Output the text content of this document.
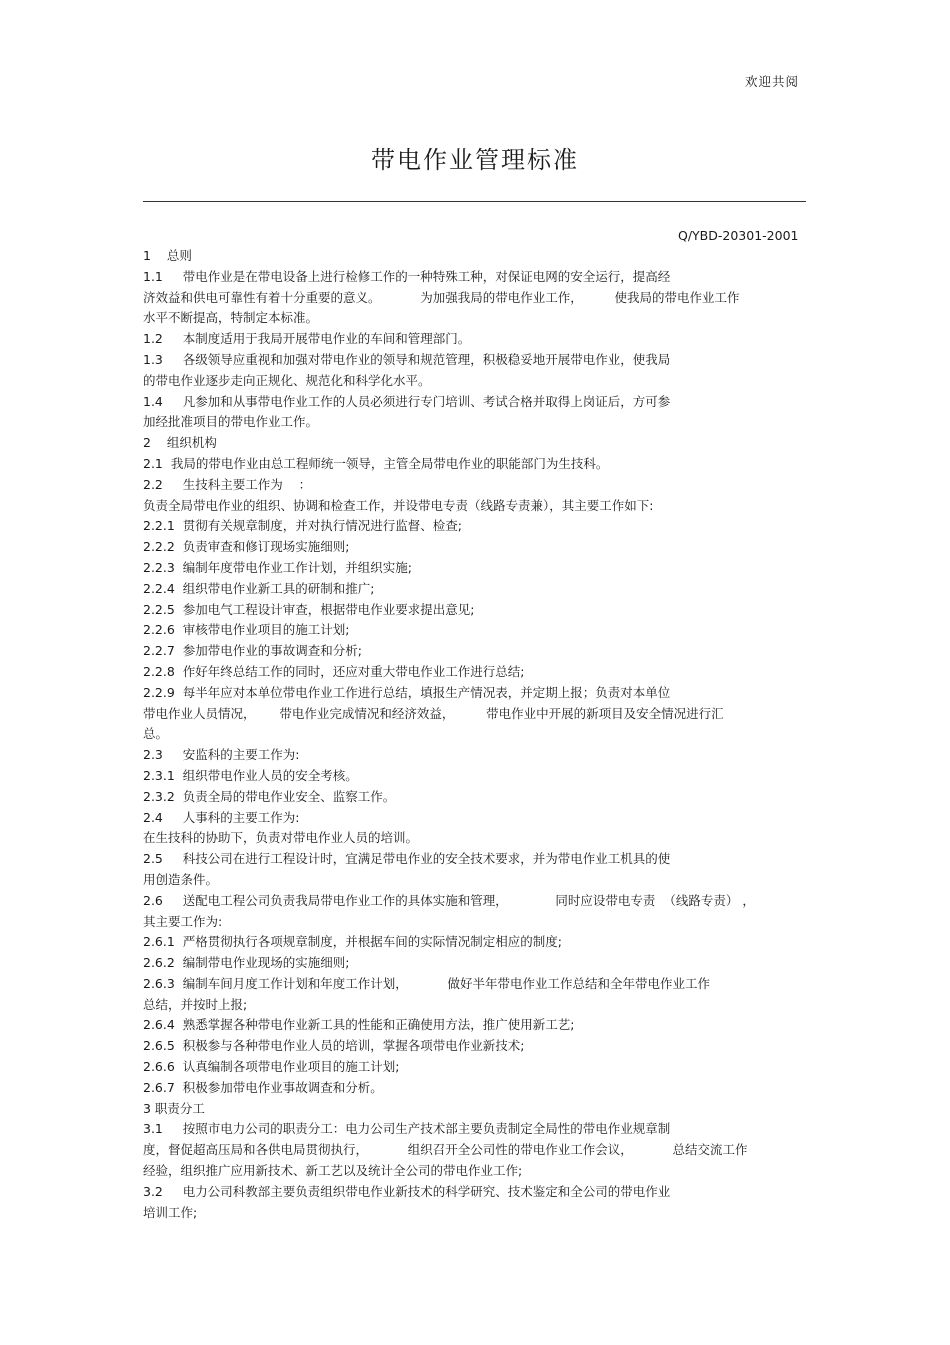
欢迎共阅
带电作业管理标准
Q/YBD-20301-2001
1    总则
1.1     带电作业是在带电设备上进行检修工作的一种特殊工种，对保证电网的安全运行，提高经
济效益和供电可靠性有着十分重要的意义。          为加强我局的带电作业工作，        使我局的带电作业工作
水平不断提高，特制定本标准。
1.2     本制度适用于我局开展带电作业的车间和管理部门。
1.3     各级领导应重视和加强对带电作业的领导和规范管理，积极稳妥地开展带电作业，使我局
的带电作业逐步走向正规化、规范化和科学化水平。
1.4     凡参加和从事带电作业工作的人员必须进行专门培训、考试合格并取得上岗证后，方可参
加经批准项目的带电作业工作。
2    组织机构
2.1  我局的带电作业由总工程师统一领导，主管全局带电作业的职能部门为生技科。
2.2     生技科主要工作为    ：
负责全局带电作业的组织、协调和检查工作，并设带电专责（线路专责兼），其主要工作如下:
2.2.1  贯彻有关规章制度，并对执行情况进行监督、检查;
2.2.2  负责审查和修订现场实施细则;
2.2.3  编制年度带电作业工作计划，并组织实施;
2.2.4  组织带电作业新工具的研制和推广;
2.2.5  参加电气工程设计审查，根据带电作业要求提出意见;
2.2.6  审核带电作业项目的施工计划;
2.2.7  参加带电作业的事故调查和分析;
2.2.8  作好年终总结工作的同时，还应对重大带电作业工作进行总结;
2.2.9  每半年应对本单位带电作业工作进行总结，填报生产情况表，并定期上报；负责对本单位
带电作业人员情况，      带电作业完成情况和经济效益，        带电作业中开展的新项目及安全情况进行汇
总。
2.3     安监科的主要工作为:
2.3.1  组织带电作业人员的安全考核。
2.3.2  负责全局的带电作业安全、监察工作。
2.4     人事科的主要工作为:
在生技科的协助下，负责对带电作业人员的培训。
2.5     科技公司在进行工程设计时，宜满足带电作业的安全技术要求，并为带电作业工机具的使
用创造条件。
2.6     送配电工程公司负责我局带电作业工作的具体实施和管理，            同时应设带电专责  （线路专责） ，
其主要工作为:
2.6.1  严格贯彻执行各项规章制度，并根据车间的实际情况制定相应的制度;
2.6.2  编制带电作业现场的实施细则;
2.6.3  编制车间月度工作计划和年度工作计划，          做好半年带电作业工作总结和全年带电作业工作
总结，并按时上报;
2.6.4  熟悉掌握各种带电作业新工具的性能和正确使用方法，推广使用新工艺;
2.6.5  积极参与各种带电作业人员的培训，掌握各项带电作业新技术;
2.6.6  认真编制各项带电作业项目的施工计划;
2.6.7  积极参加带电作业事故调查和分析。
3 职责分工
3.1     按照市电力公司的职责分工：电力公司生产技术部主要负责制定全局性的带电作业规章制
度，督促超高压局和各供电局贯彻执行，          组织召开全公司性的带电作业工作会议，          总结交流工作
经验，组织推广应用新技术、新工艺以及统计全公司的带电作业工作;
3.2     电力公司科教部主要负责组织带电作业新技术的科学研究、技术鉴定和全公司的带电作业
培训工作;
